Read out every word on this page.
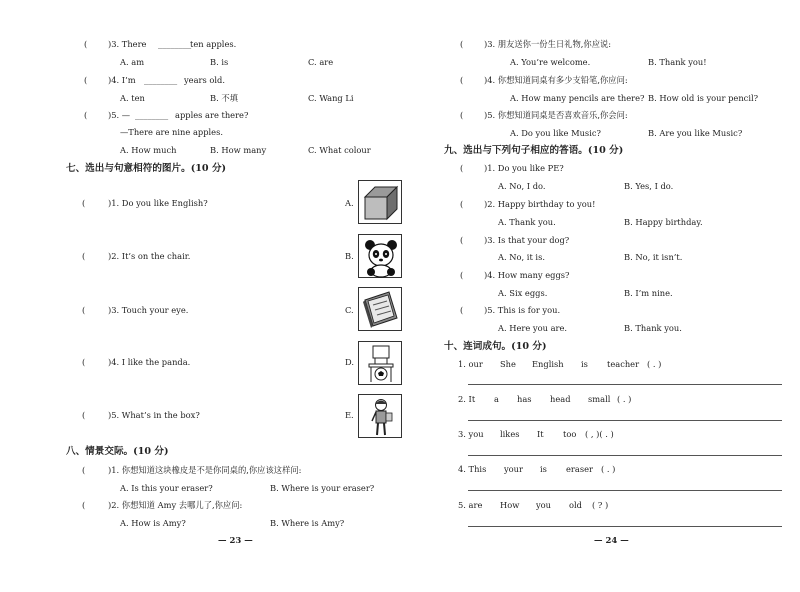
(	)3. There ________
ten apples.
A. am	B. is	C. are
(	)4. I’m ________ years old.
A. ten	B. 不填	C. Wang Li
(	)5. — ________ apples are there?
—There are nine apples.
A. How much	B. How many	C. What colour
七、选出与句意相符的图片。(10 分)
(	)1. Do you like English?	A.
(	)2. It’s on the chair.	B.
(	)3. Touch your eye.	C.
(	)4. I like the panda.	D.
(	)5. What’s in the box?	E.
八、情景交际。(10 分)
(	)1. 你想知道这块橡皮是不是你同桌的,你应该这样问:
A. Is this your eraser?	B. Where is your eraser?
(	)2. 你想知道 Amy 去哪儿了,你应问:
A. How is Amy?	B. Where is Amy?
— 23 —
(	)3. 朋友送你一份生日礼物,你应说:
A. You’re welcome.	B. Thank you!
(	)4. 你想知道同桌有多少支铅笔,你应问:
A. How many pencils are there? B. How old is your pencil?
(	)5. 你想知道同桌是否喜欢音乐,你会问:
A. Do you like Music?	B. Are you like Music?
九、选出与下列句子相应的答语。(10 分)
(	)1. Do you like PE?
A. No, I do.	B. Yes, I do.
(	)2. Happy birthday to you!
A. Thank you.	B. Happy birthday.
(	)3. Is that your dog?
A. No, it is.	B. No, it isn’t.
(	)4. How many eggs?
A. Six eggs.	B. I’m nine.
(	)5. This is for you.
A. Here you are.	B. Thank you.
十、连词成句。(10 分)
1. our She English is teacher ( . )
2. It a has head small ( . )
3. you likes It too ( , )( . )
4. This your is eraser ( . )
5. are How you old ( ? )
— 24 —
